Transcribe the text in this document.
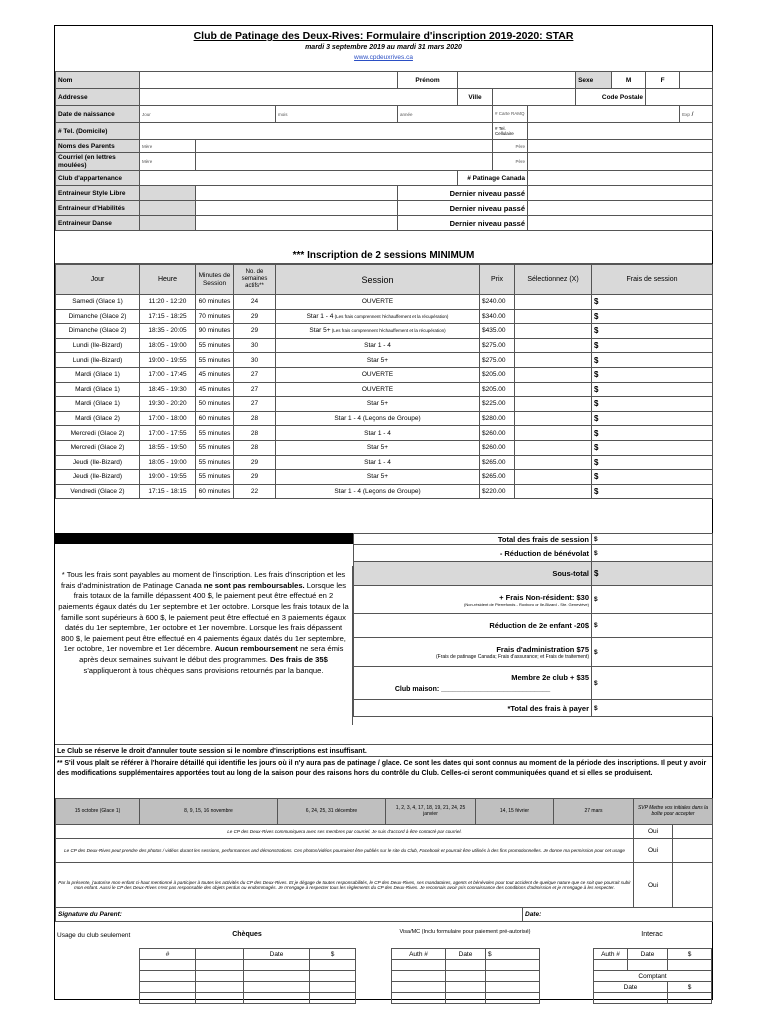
Club de Patinage des Deux-Rives: Formulaire d'inscription 2019-2020: STAR
mardi 3 septembre 2019 au mardi 31 mars 2020
www.cpdeuxrives.ca
Nom				Prénom				Sexe	M	F	
Addresse					Ville			Code Postale			
Date de naissance	Jour		mois	année		# Carte RAMQ					Exp /
# Tel. (Domicile)						# Tel. Cellulaire					
Noms des Parents	Mère					Père					
Courriel (en lettres moulées)	Mère					Père					
Club d'appartenance					# Patinage Canada						
Entraineur Style Libre				Dernier niveau passé							
Entraineur d'Habilités				Dernier niveau passé							
Entraineur Danse				Dernier niveau passé							
*** Inscription de 2 sessions MINIMUM
Jour	Heure	Minutes de Session	No. de semaines actifs**	Session	Prix	Sélectionnez (X)	Frais de session
Samedi (Glace 1)	11:20 - 12:20	60 minutes	24	OUVERTE	$240.00		$
Dimanche (Glace 2)	17:15 - 18:25	70 minutes	29	Star 1 - 4 (Les frais comprennent l'échauffement et la récupération)	$340.00		$
Dimanche (Glace 2)	18:35 - 20:05	90 minutes	29	Star 5+ (Les frais comprennent l'échauffement et la récupération)	$435.00		$
Lundi (Ile-Bizard)	18:05 - 19:00	55 minutes	30	Star 1 - 4	$275.00		$
Lundi (Ile-Bizard)	19:00 - 19:55	55 minutes	30	Star 5+	$275.00		$
Mardi (Glace 1)	17:00 - 17:45	45 minutes	27	OUVERTE	$205.00		$
Mardi (Glace 1)	18:45 - 19:30	45 minutes	27	OUVERTE	$205.00		$
Mardi (Glace 1)	19:30 - 20:20	50 minutes	27	Star 5+	$225.00		$
Mardi (Glace 2)	17:00 - 18:00	60 minutes	28	Star 1 - 4 (Leçons de Groupe)	$280.00		$
Mercredi (Glace 2)	17:00 - 17:55	55 minutes	28	Star 1 - 4	$260.00		$
Mercredi (Glace 2)	18:55 - 19:50	55 minutes	28	Star 5+	$260.00		$
Jeudi (Ile-Bizard)	18:05 - 19:00	55 minutes	29	Star 1 - 4	$265.00		$
Jeudi (Ile-Bizard)	19:00 - 19:55	55 minutes	29	Star 5+	$265.00		$
Vendredi (Glace 2)	17:15 - 18:15	60 minutes	22	Star 1 - 4 (Leçons de Groupe)	$220.00		$
* Tous les frais sont payables au moment de l'inscription. Les frais d'inscription et les frais d'administration de Patinage Canada ne sont pas remboursables. Lorsque les frais totaux de la famille dépassent 400 $, le paiement peut être effectué en 2 paiements égaux datés du 1er septembre et 1er octobre. Lorsque les frais totaux de la famille sont supérieurs à 600 $, le paiement peut être effectué en 3 paiements égaux datés du 1er septembre, 1er octobre et 1er novembre. Lorsque les frais dépassent 800 $, le paiement peut être effectué en 4 paiements égaux datés du 1er septembre, 1er octobre, 1er novembre et 1er décembre. Aucun remboursement ne sera émis après deux semaines suivant le début des programmes. Des frais de 35$ s'appliqueront à tous chèques sans provisions retournés par la banque.
Total des frais de session	$
- Réduction de bénévolat	$
Sous-total	$

+ Frais Non-résident: $30
(Non-résident de Pierrefonds - Roxboro or Ile-Bizard - Ste. Geneviève)	$
Réduction de 2e enfant -20$	$

Frais d'administration $75
(Frais de patinage Canada; Frais d'assurance; et Frais de traitement)	$

Membre 2e club + $35
Club maison: ____________________________	$
*Total des frais à payer	$
Le Club se réserve le droit d'annuler toute session si le nombre d'inscriptions est insuffisant.
** S'il vous plaît se référer à l'horaire détaillé qui identifie les jours où il n'y aura pas de patinage / glace. Ce sont les dates qui sont connus au moment de la période des inscriptions. Il peut y avoir des modifications supplémentaires apportées tout au long de la saison pour des raisons hors du contrôle du Club. Celles-ci seront communiquées quand et si elles se produisent.
15 octobre (Glace 1)	8, 9, 15, 16 novembre	6, 24, 25, 31 décembre	1, 2, 3, 4, 17, 18, 19, 21, 24, 25 janvier	14, 15 février	27 mars	SVP Mettre vos initiales dans la boîte pour accepter
Le CP des Deux-Rives communiquera avec ses membres par courriel. Je suis d'accord à être contacté par courriel.	Oui	
Le CP des Deux-Rives peut prendre des photos / vidéos durant les sessions, performances and démonstrations. Ces photos/vidéos pourraient être publiés sur le site du Club, Facebook et pourrait être utilisés à des fins promotionnelles. Je donne ma permission pour cet usage	Oui	
Par la présente, j'autorise mon enfant ci-haut mentionné à participer à toutes les activités du CP des Deux-Rives. Et je dégage de toutes responsabilités, le CP des Deux-Rives, ses mandataires, agents et bénévoles pour tout accident de quelque nature que ce soit que pourrait subir mon enfant. Aussi le CP des Deux-Rives n'est pas responsable des objets perdus ou endommagés. Je m'engage à respecter tous les règlements du CP des Deux-Rives. Je reconnais avoir pris connaissance des conditions d'admission et je m'engage à les respecter.	Oui	
Signature du Parent:	Date:
Usage du club seulement	Chèques
#		Date	$

Visa/MC (Inclu formulaire pour paiement pré-autorisé)
Auth #	Date	$

Interac
Auth #	Date	$

Comptant		
Date		$
